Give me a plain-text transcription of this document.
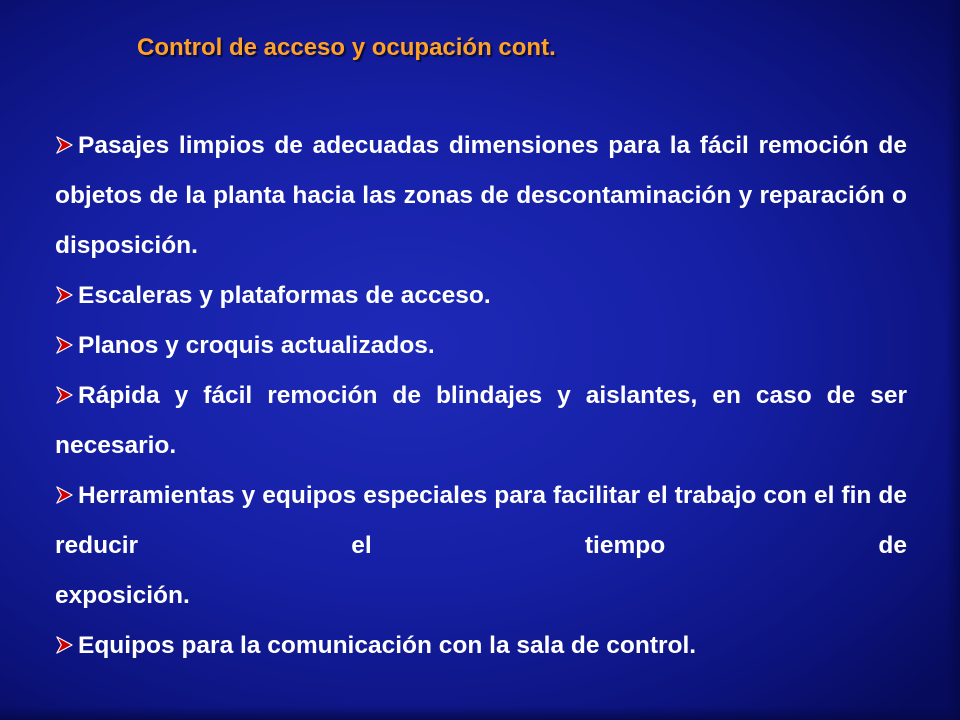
Control de acceso y ocupación cont.
Pasajes limpios de adecuadas dimensiones para la fácil remoción de objetos de la planta hacia las zonas de descontaminación y reparación o disposición.
Escaleras y plataformas de acceso.
Planos y croquis actualizados.
Rápida y fácil remoción de blindajes y aislantes, en caso de ser necesario.
Herramientas y equipos especiales para facilitar el trabajo con el fin de reducir el tiempo de
exposición.
Equipos para la comunicación con la sala de control.
